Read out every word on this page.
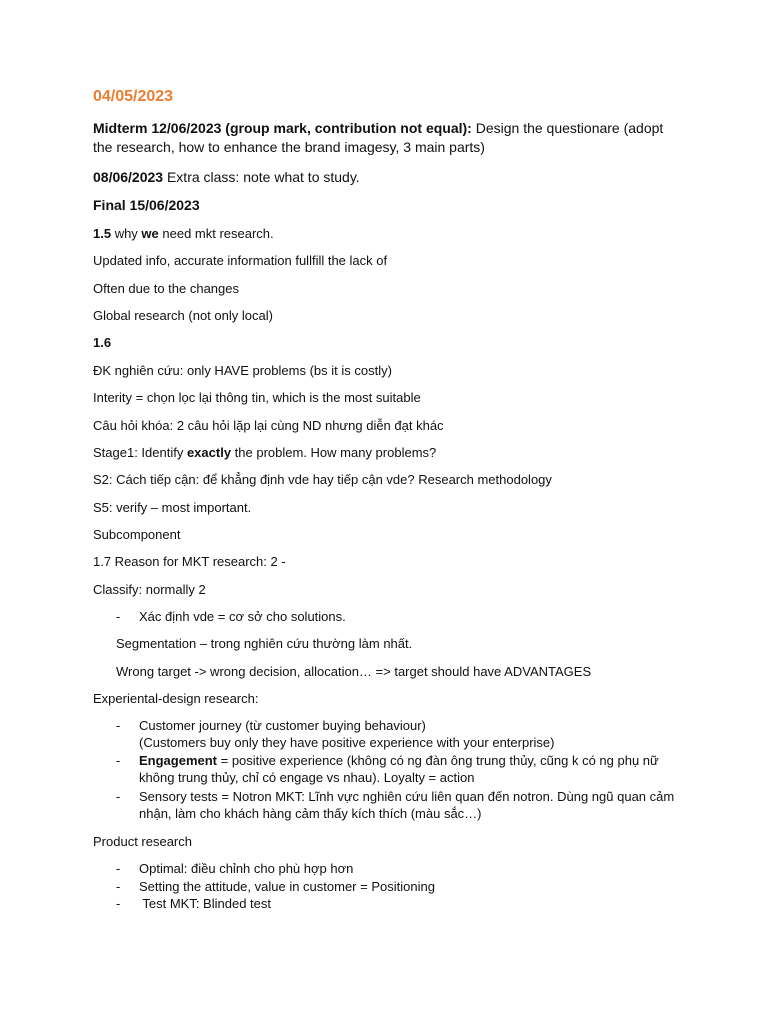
04/05/2023
Midterm 12/06/2023 (group mark, contribution not equal): Design the questionare (adopt the research, how to enhance the brand imagesy, 3 main parts)
08/06/2023 Extra class: note what to study.
Final 15/06/2023
1.5 why we need mkt research.
Updated info, accurate information fullfill the lack of
Often due to the changes
Global research (not only local)
1.6
ĐK nghiên cứu: only HAVE problems (bs it is costly)
Interity = chọn lọc lại thông tin, which is the most suitable
Câu hỏi khóa: 2 câu hỏi lặp lại cùng ND nhưng diễn đạt khác
Stage1: Identify exactly the problem. How many problems?
S2: Cách tiếp cận: để khẳng định vde hay tiếp cận vde? Research methodology
S5: verify – most important.
Subcomponent
1.7 Reason for MKT research: 2 -
Classify: normally 2
- Xác định vde = cơ sở cho solutions.
Segmentation – trong nghiên cứu thường làm nhất.
Wrong target -> wrong decision, allocation… => target should have ADVANTAGES
Experiental-design research:
- Customer journey (từ customer buying behaviour)
(Customers buy only they have positive experience with your enterprise)
- Engagement = positive experience (không có ng đàn ông trung thủy, cũng k có ng phụ nữ không trung thủy, chỉ có engage vs nhau). Loyalty = action
- Sensory tests = Notron MKT: Lĩnh vực nghiên cứu liên quan đến notron. Dùng ngũ quan cảm nhận, làm cho khách hàng cảm thấy kích thích (màu sắc…)
Product research
- Optimal: điều chỉnh cho phù hợp hơn
- Setting the attitude, value in customer = Positioning
- Test MKT: Blinded test
